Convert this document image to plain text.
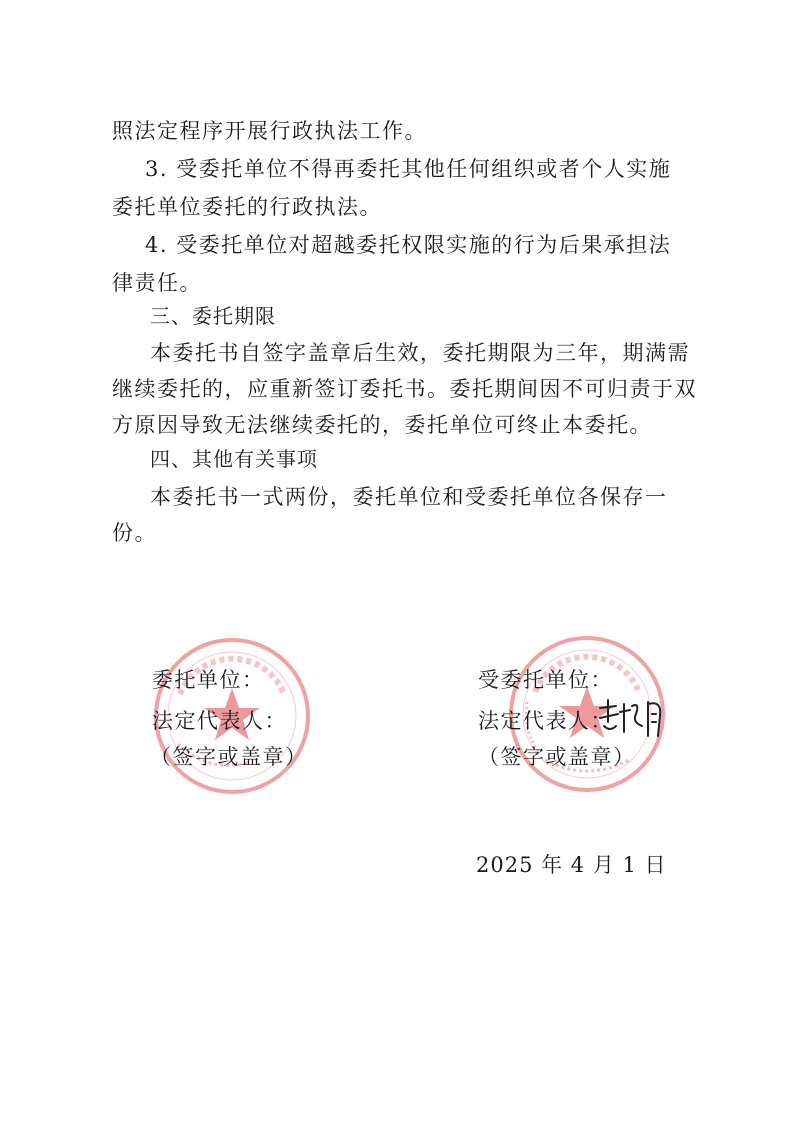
照法定程序开展行政执法工作。
3. 受委托单位不得再委托其他任何组织或者个人实施
委托单位委托的行政执法。
4. 受委托单位对超越委托权限实施的行为后果承担法
律责任。
三、委托期限
本委托书自签字盖章后生效，委托期限为三年，期满需
继续委托的，应重新签订委托书。委托期间因不可归责于双
方原因导致无法继续委托的，委托单位可终止本委托。
四、其他有关事项
本委托书一式两份，委托单位和受委托单位各保存一
份。
委托单位：
法定代表人：
（签字或盖章）
受委托单位：
法定代表人：
（签字或盖章）
2025 年 4 月 1 日
